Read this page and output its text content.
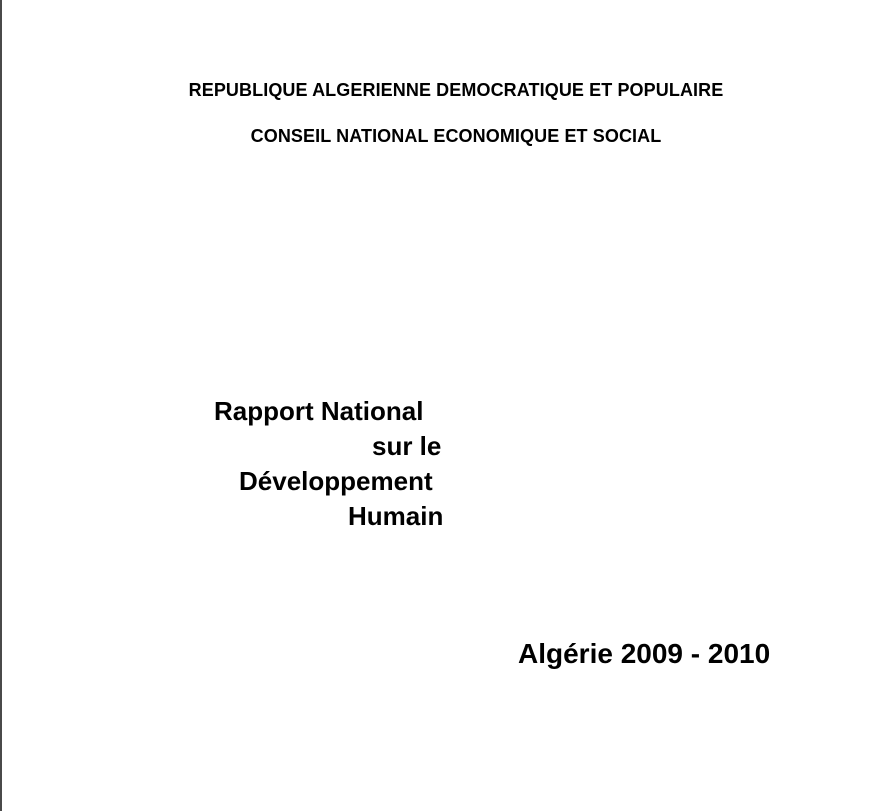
REPUBLIQUE ALGERIENNE DEMOCRATIQUE ET POPULAIRE
CONSEIL NATIONAL ECONOMIQUE ET SOCIAL
Rapport National
sur le
Développement
Humain
Algérie 2009 - 2010
